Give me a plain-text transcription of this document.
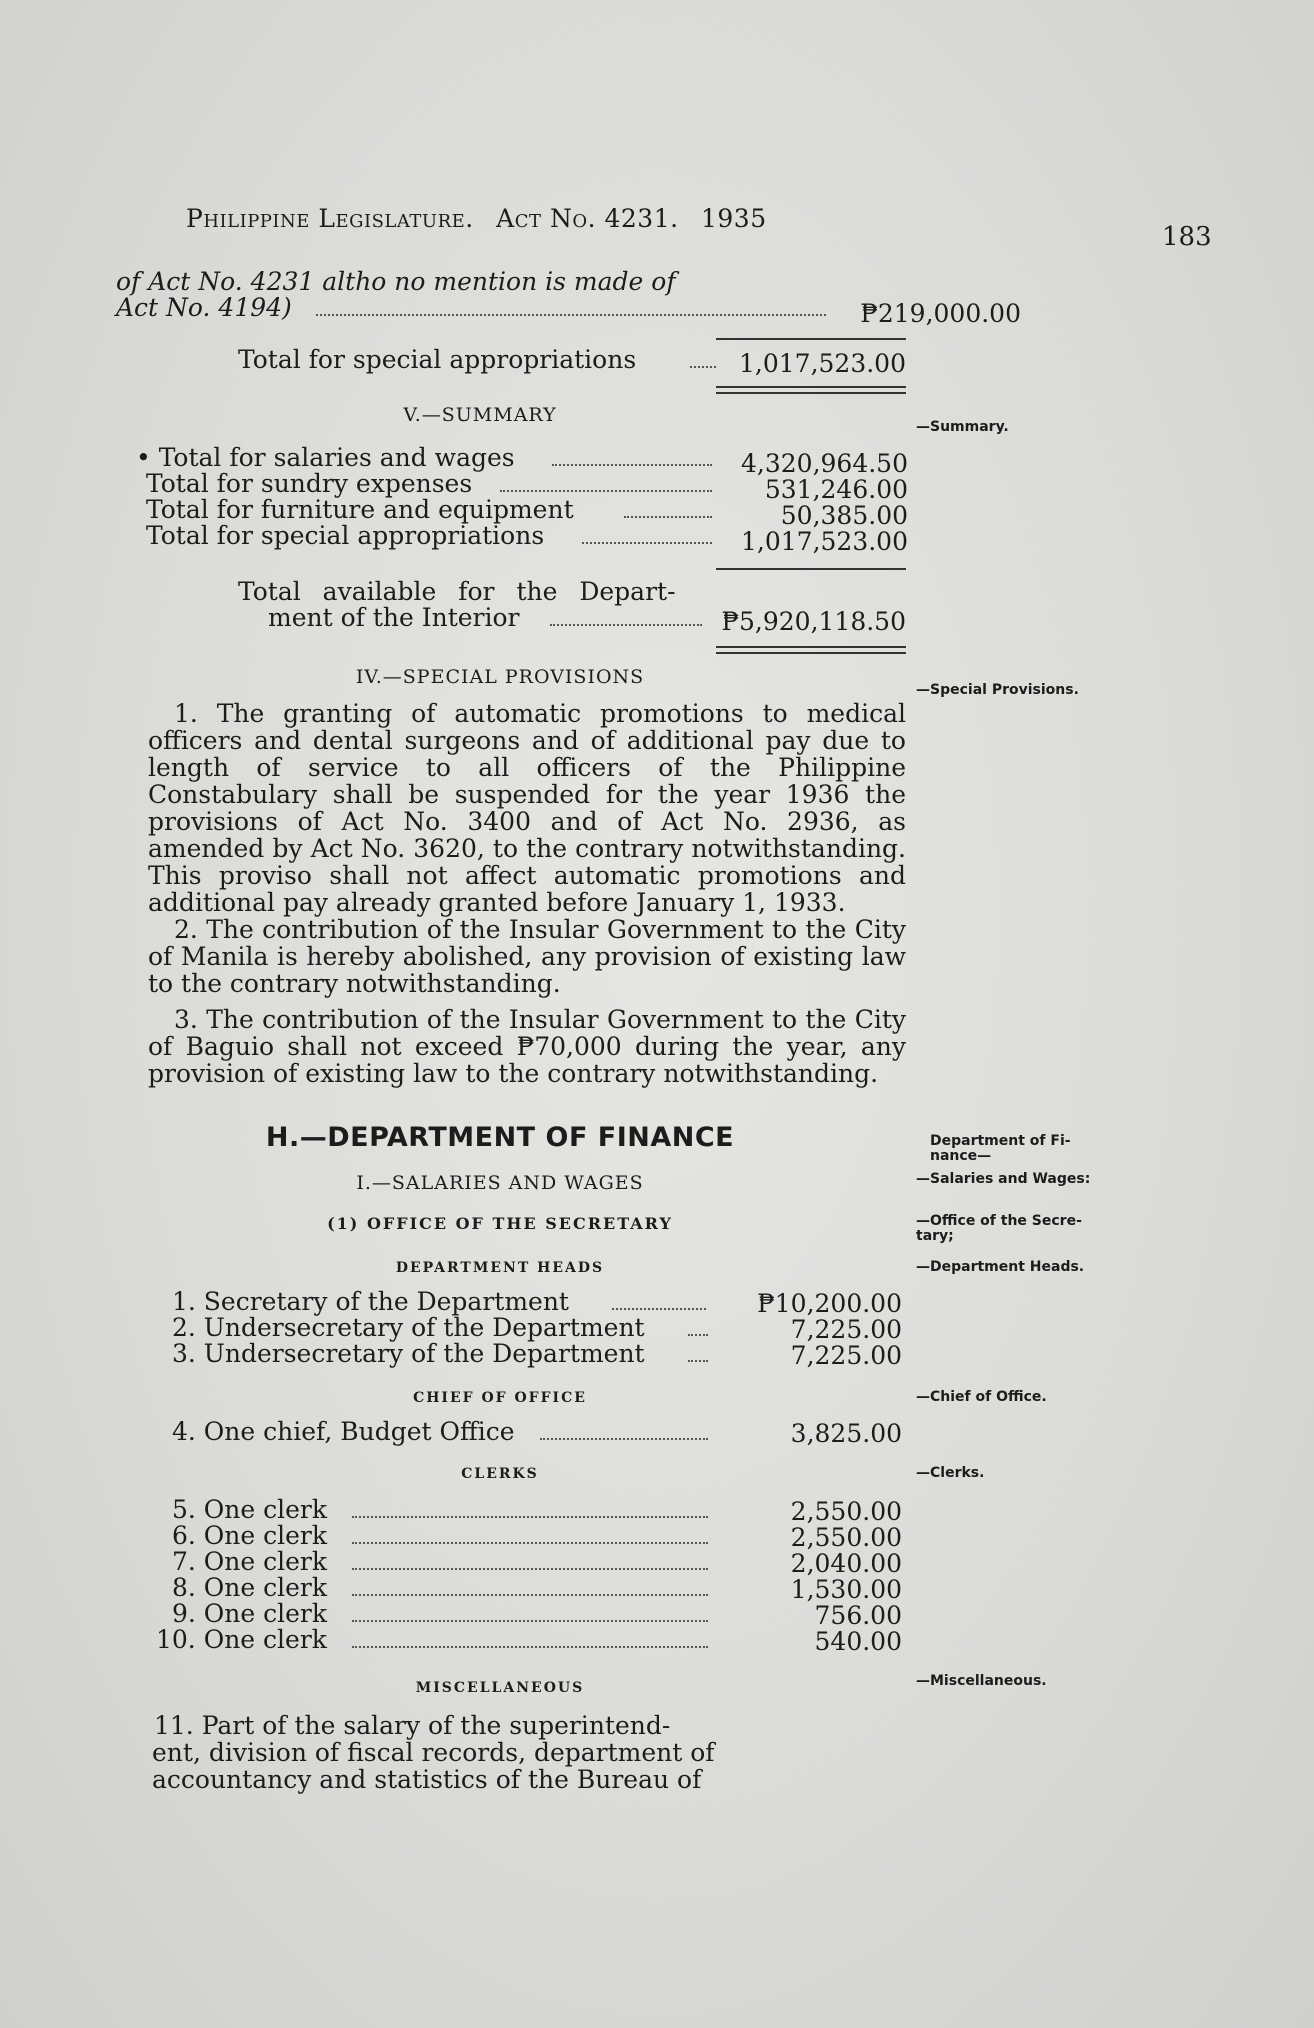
Philippine Legislature. Act No. 4231. 1935
183
of Act No. 4231 altho no mention is made of
Act No. 4194)	₱219,000.00
Total for special appropriations	1,017,523.00
V.—SUMMARY
—Summary.
• Total for salaries and wages	4,320,964.50
Total for sundry expenses	531,246.00
Total for furniture and equipment	50,385.00
Total for special appropriations	1,017,523.00
Total available for the Depart-
ment of the Interior	₱5,920,118.50
IV.—SPECIAL PROVISIONS
—Special Provisions.
1. The granting of automatic promotions to medical officers and dental surgeons and of additional pay due to length of service to all officers of the Philippine Constabulary shall be suspended for the year 1936 the provisions of Act No. 3400 and of Act No. 2936, as amended by Act No. 3620, to the contrary notwithstanding. This proviso shall not affect automatic promotions and additional pay already granted before January 1, 1933.
2. The contribution of the Insular Government to the City of Manila is hereby abolished, any provision of existing law to the contrary notwithstanding.
3. The contribution of the Insular Government to the City of Baguio shall not exceed ₱70,000 during the year, any provision of existing law to the contrary notwithstanding.
H.—DEPARTMENT OF FINANCE	Department of Fi-
nance—
I.—SALARIES AND WAGES	—Salaries and Wages:
(1) OFFICE OF THE SECRETARY	—Office of the Secre-
tary;
DEPARTMENT HEADS	—Department Heads.
1. Secretary of the Department	₱10,200.00
2. Undersecretary of the Department	7,225.00
3. Undersecretary of the Department	7,225.00
CHIEF OF OFFICE	—Chief of Office.
4. One chief, Budget Office	3,825.00
CLERKS	—Clerks.
5. One clerk	2,550.00
6. One clerk	2,550.00
7. One clerk	2,040.00
8. One clerk	1,530.00
9. One clerk	756.00
10. One clerk	540.00
MISCELLANEOUS	—Miscellaneous.
11. Part of the salary of the superintend-
ent, division of fiscal records, department of
accountancy and statistics of the Bureau of
